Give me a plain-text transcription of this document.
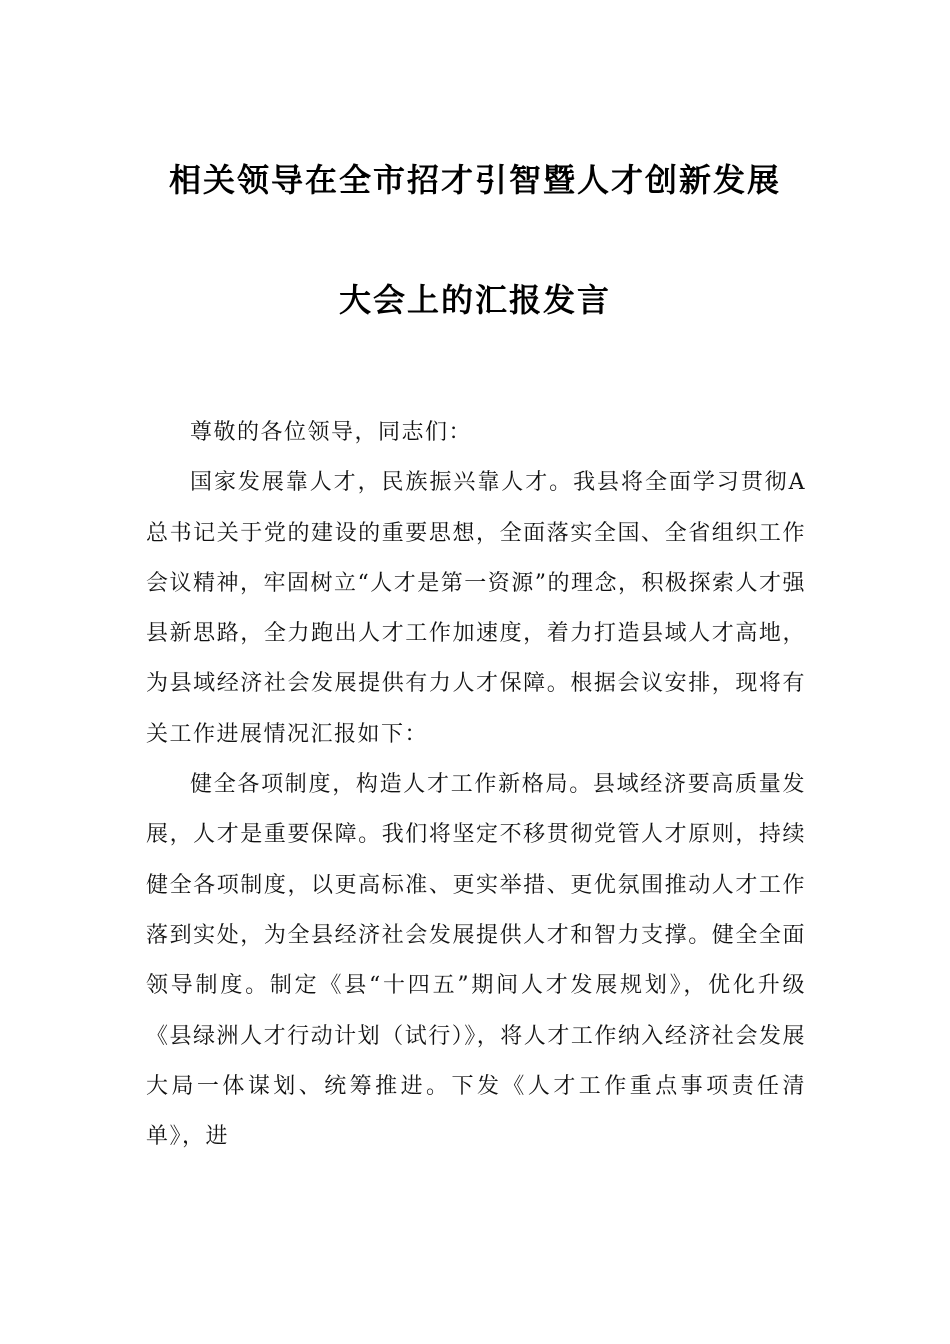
相关领导在全市招才引智暨人才创新发展
大会上的汇报发言

尊敬的各位领导，同志们：

国家发展靠人才，民族振兴靠人才。我县将全面学习贯彻A总书记关于党的建设的重要思想，全面落实全国、全省组织工作会议精神，牢固树立“人才是第一资源”的理念，积极探索人才强县新思路，全力跑出人才工作加速度，着力打造县域人才高地，为县域经济社会发展提供有力人才保障。根据会议安排，现将有关工作进展情况汇报如下：

健全各项制度，构造人才工作新格局。县域经济要高质量发展，人才是重要保障。我们将坚定不移贯彻党管人才原则，持续健全各项制度，以更高标准、更实举措、更优氛围推动人才工作落到实处，为全县经济社会发展提供人才和智力支撑。健全全面领导制度。制定《县“十四五”期间人才发展规划》，优化升级《县绿洲人才行动计划（试行）》，将人才工作纳入经济社会发展大局一体谋划、统筹推进。下发《人才工作重点事项责任清单》，进
